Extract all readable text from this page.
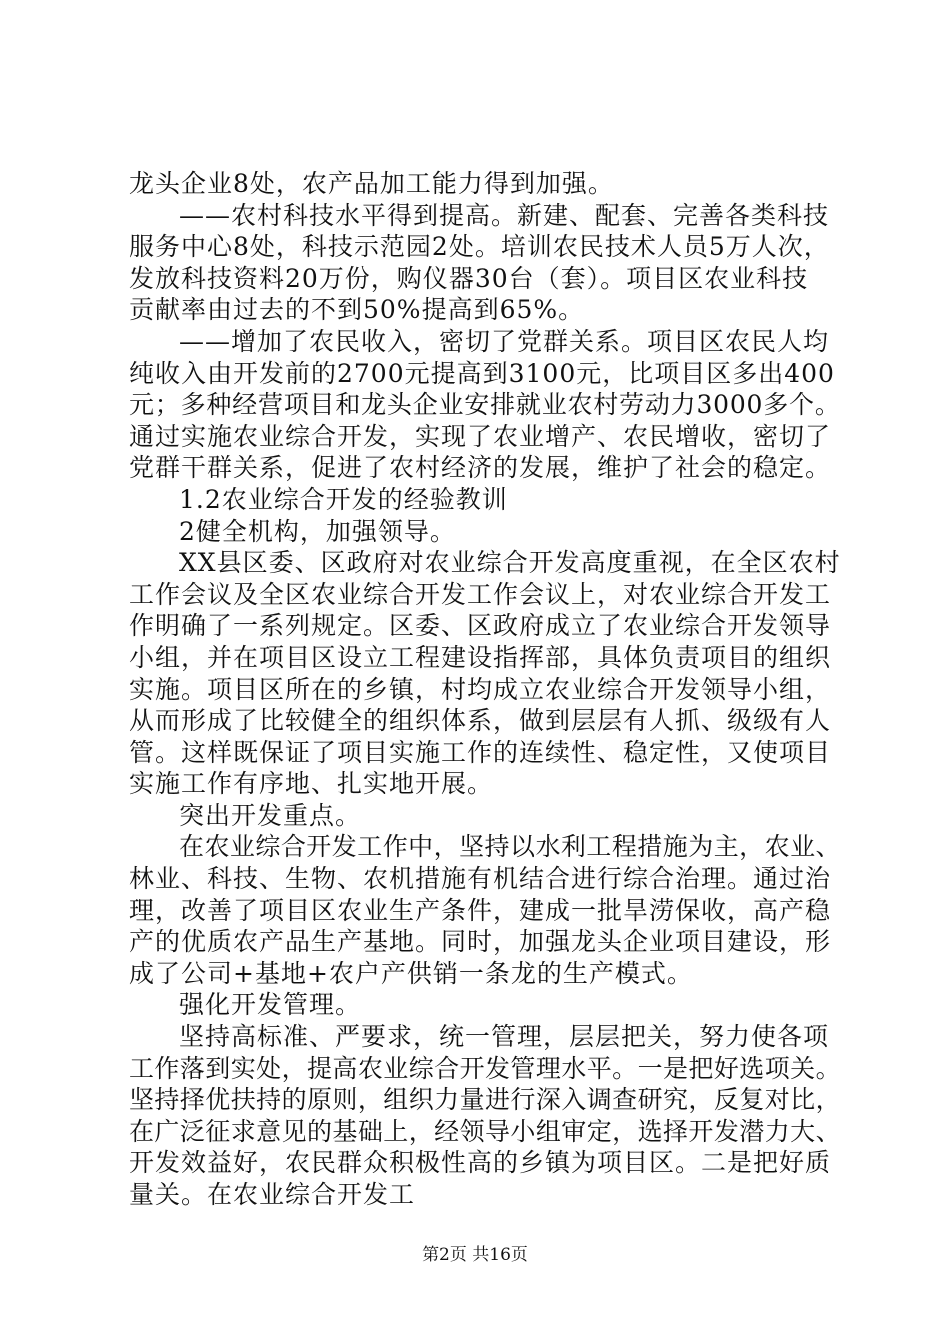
龙头企业8处，农产品加工能力得到加强。
——农村科技水平得到提高。新建、配套、完善各类科技
服务中心8处，科技示范园2处。培训农民技术人员5万人次，
发放科技资料20万份，购仪器30台（套）。项目区农业科技
贡献率由过去的不到50%提高到65%。
——增加了农民收入，密切了党群关系。项目区农民人均
纯收入由开发前的2700元提高到3100元，比项目区多出400
元；多种经营项目和龙头企业安排就业农村劳动力3000多个。
通过实施农业综合开发，实现了农业增产、农民增收，密切了
党群干群关系，促进了农村经济的发展，维护了社会的稳定。
1.2农业综合开发的经验教训
2健全机构，加强领导。
XX县区委、区政府对农业综合开发高度重视，在全区农村
工作会议及全区农业综合开发工作会议上，对农业综合开发工
作明确了一系列规定。区委、区政府成立了农业综合开发领导
小组，并在项目区设立工程建设指挥部，具体负责项目的组织
实施。项目区所在的乡镇，村均成立农业综合开发领导小组，
从而形成了比较健全的组织体系，做到层层有人抓、级级有人
管。这样既保证了项目实施工作的连续性、稳定性，又使项目
实施工作有序地、扎实地开展。
突出开发重点。
在农业综合开发工作中，坚持以水利工程措施为主，农业、
林业、科技、生物、农机措施有机结合进行综合治理。通过治
理，改善了项目区农业生产条件，建成一批旱涝保收，高产稳
产的优质农产品生产基地。同时，加强龙头企业项目建设，形
成了公司+基地+农户产供销一条龙的生产模式。
强化开发管理。
坚持高标准、严要求，统一管理，层层把关，努力使各项
工作落到实处，提高农业综合开发管理水平。一是把好选项关。
坚持择优扶持的原则，组织力量进行深入调查研究，反复对比，
在广泛征求意见的基础上，经领导小组审定，选择开发潜力大、
开发效益好，农民群众积极性高的乡镇为项目区。二是把好质
量关。在农业综合开发工
第2页 共16页
